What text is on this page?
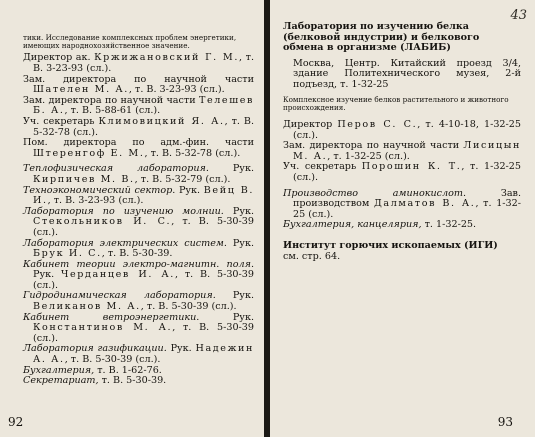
тики. Исследование комплексных проблем энергетики, имеющих народнохозяйственное значение.

Директор ак. Кржижановский Г. М., т. В. 3-23-93 (сл.).

Зам. директора по научной части Шателен М. А., т. В. 3-23-93 (сл.).

Зам. директора по научной части Телешев Б. А., т. В. 5-88-61 (сл.).

Уч. секретарь Климовицкий Я. А., т. В. 5-32-78 (сл.).

Пом. директора по адм.-фин. части Штеренгоф Е. М., т. В. 5-32-78 (сл.).

Теплофизическая лаборатория. Рук. Кирпичев М. В., т. В. 5-32-79 (сл.).

Техноэкономический сектор. Рук. Вейц В. И., т. В. 3-23-93 (сл.).

Лаборатория по изучению молнии. Рук. Стекольников И. С., т. В. 5-30-39 (сл.).

Лаборатория электрических систем. Рук. Брук И. С., т. В. 5-30-39.

Кабинет теории электро-магнитн. поля. Рук. Черданцев И. А., т. В. 5-30-39 (сл.).

Гидродинамическая лаборатория. Рук. Великанов М. А., т. В. 5-30-39 (сл.).

Кабинет ветроэнергетики. Рук. Константинов М. А., т. В. 5-30-39 (сл.).

Лаборатория газификации. Рук. Надежин А. А., т. В. 5-30-39 (сл.).

Бухгалтерия, т. В. 1-62-76.

Секретариат, т. В. 5-30-39.

92
43

Лаборатория по изучению белка (белковой индустрии) и белкового обмена в организме (ЛАБИБ)

Москва, Центр. Китайский проезд 3/4, здание Политехнического музея, 2-й подъезд, т. 1-32-25

Комплексное изучение белков растительного и животного происхождения.

Директор Перов С. С., т. 4-10-18, 1-32-25 (сл.).

Зам. директора по научной части Лисицын М. А., т. 1-32-25 (сл.).

Уч. секретарь Порошин К. Т., т. 1-32-25 (сл.).

Производство аминокислот. Зав. производством Далматов В. А., т. 1-32-25 (сл.).

Бухгалтерия, канцелярия, т. 1-32-25.

Институт горючих ископаемых (ИГИ)

см. стр. 64.

93
